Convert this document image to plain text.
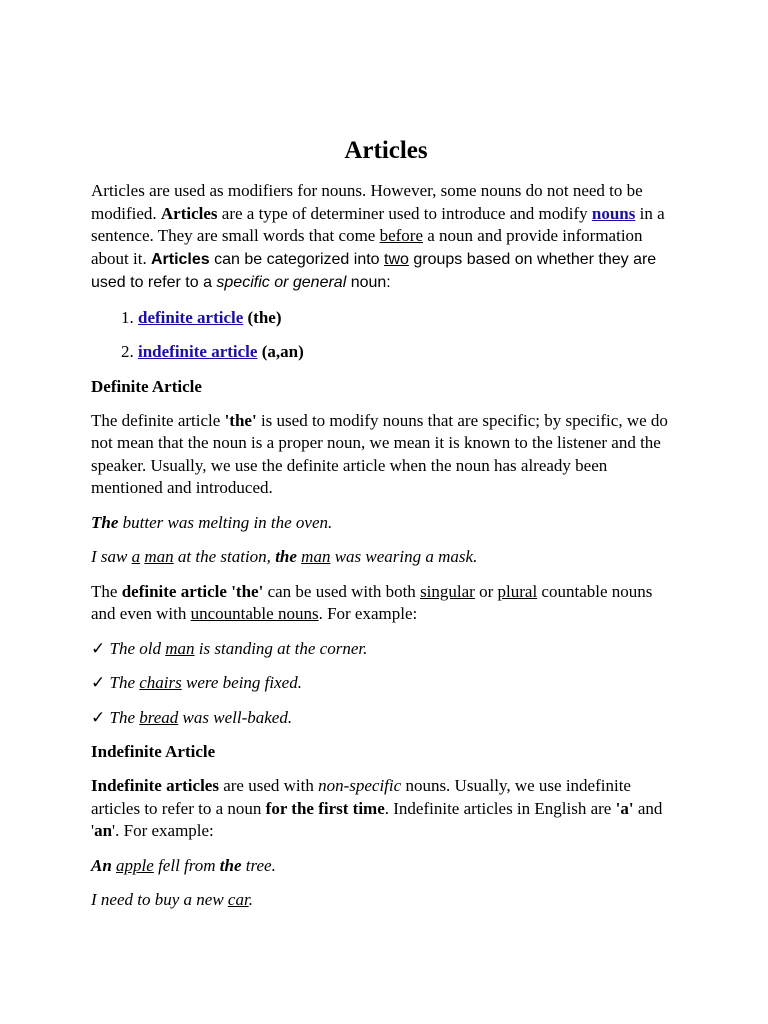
Articles

Articles are used as modifiers for nouns. However, some nouns do not need to be modified. Articles are a type of determiner used to introduce and modify nouns in a sentence. They are small words that come before a noun and provide information about it. Articles can be categorized into two groups based on whether they are used to refer to a specific or general noun:

1. definite article (the)
2. indefinite article (a,an)
Definite Article

The definite article 'the' is used to modify nouns that are specific; by specific, we do not mean that the noun is a proper noun, we mean it is known to the listener and the speaker. Usually, we use the definite article when the noun has already been mentioned and introduced.

The butter was melting in the oven.

I saw a man at the station, the man was wearing a mask.

The definite article 'the' can be used with both singular or plural countable nouns and even with uncountable nouns. For example:

✓ The old man is standing at the corner.

✓ The chairs were being fixed.

✓ The bread was well-baked.

Indefinite Article

Indefinite articles are used with non-specific nouns. Usually, we use indefinite articles to refer to a noun for the first time. Indefinite articles in English are 'a' and 'an'. For example:

An apple fell from the tree.

I need to buy a new car.
